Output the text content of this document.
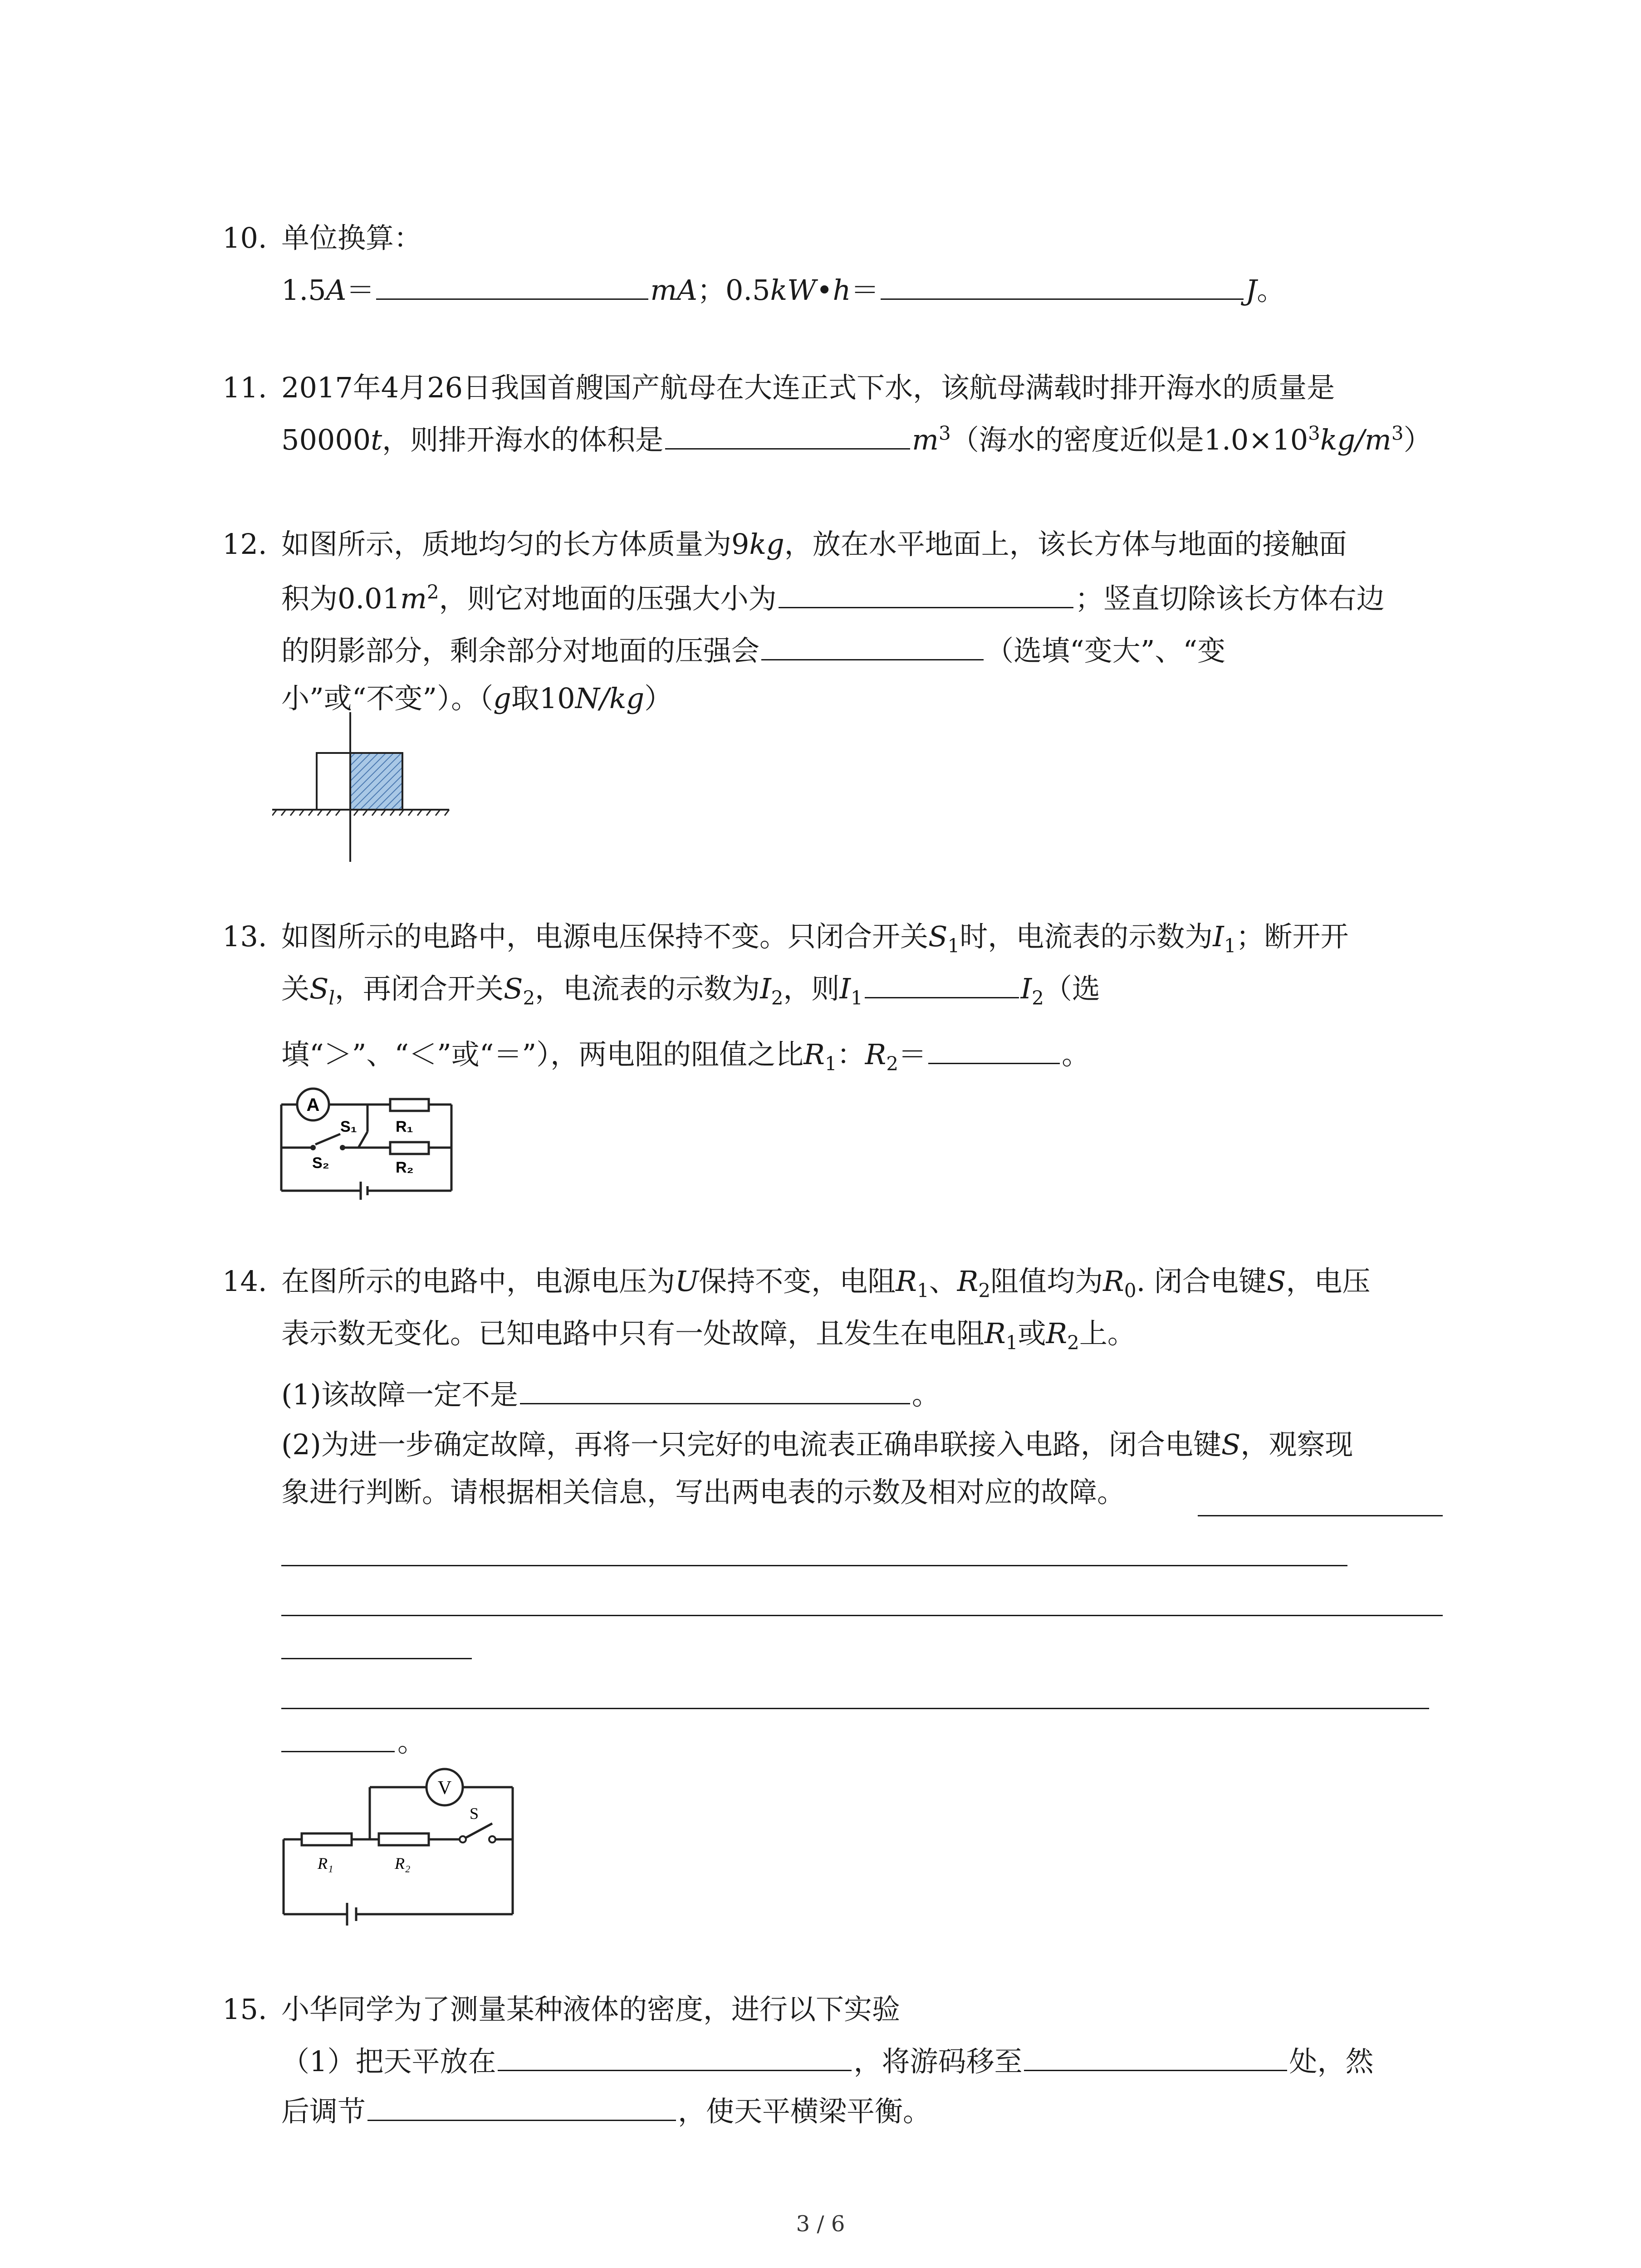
10. 单位换算：
1.5A＝	mA；0.5kW•h＝	J。
11. 2017年4月26日我国首艘国产航母在大连正式下水，该航母满载时排开海水的质量是
50000t，则排开海水的体积是	$m^3$（海水的密度近似是$1.0\times 10^3kg/m^3$）
12. 如图所示，质地均匀的长方体质量为9kg，放在水平地面上，该长方体与地面的接触面
积为$0.01m^2$，则它对地面的压强大小为	；竖直切除该长方体右边
的阴影部分，剩余部分对地面的压强会	（选填“变大”、“变
小”或“不变”）。（g取10N/kg）
13. 如图所示的电路中，电源电压保持不变。只闭合开关$S_1$时，电流表的示数为$I_1$；断开开
关$S_l$，再闭合开关$S_2$，电流表的示数为$I_2$，则$I_1$	$I_2$（选
填“＞”、“＜”或“＝”），两电阻的阻值之比$R_1$：$R_2=$	。
A
R₁
S₁
R₂
S₂
14. 在图所示的电路中，电源电压为U保持不变，电阻$R_1$、$R_2$阻值均为$R_0$. 闭合电键S，电压
表示数无变化。已知电路中只有一处故障，且发生在电阻$R_1$或$R_2$上。
(1)该故障一定不是	。
(2)为进一步确定故障，再将一只完好的电流表正确串联接入电路，闭合电键S，观察现
象进行判断。请根据相关信息，写出两电表的示数及相对应的故障。
。
V
S
R₁	R₂
15. 小华同学为了测量某种液体的密度，进行以下实验
（1）把天平放在	，将游码移至	处，然
后调节	，使天平横梁平衡。
3 / 6
